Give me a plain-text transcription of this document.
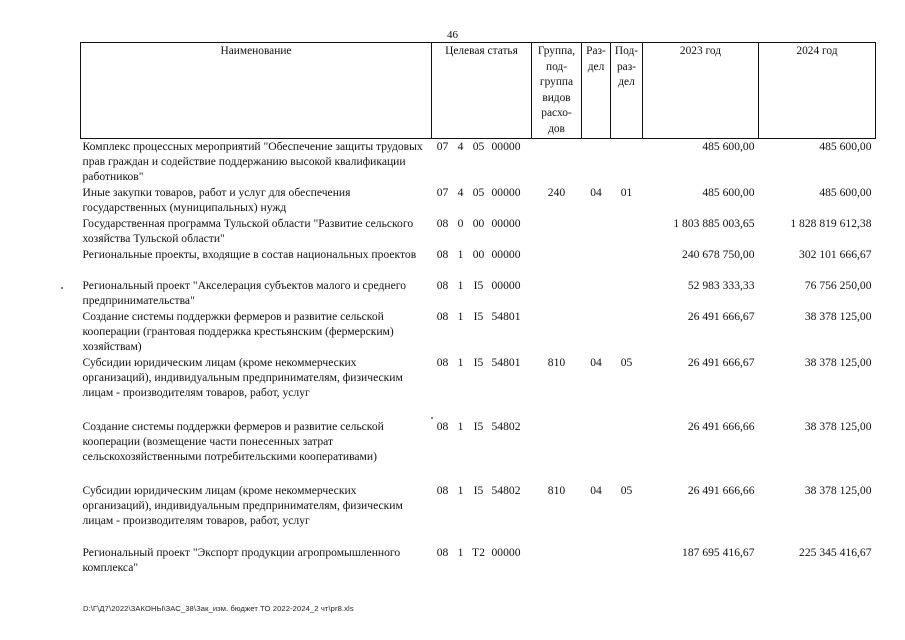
46
Наименование	Целевая статья				Группа, под-группа видов расхо-дов	Раз-дел	Под-раз-дел	2023 год	2024 год
Комплекс процессных мероприятий "Обеспечение защиты трудовых прав граждан и содействие поддержанию высокой квалификации работников"	07	4	05	00000				485 600,00	485 600,00
Иные закупки товаров, работ и услуг для обеспечения государственных (муниципальных) нужд	07	4	05	00000	240	04	01	485 600,00	485 600,00
Государственная программа Тульской области "Развитие сельского хозяйства Тульской области"	08	0	00	00000				1 803 885 003,65	1 828 819 612,38
Региональные проекты, входящие в состав национальных проектов	08	1	00	00000				240 678 750,00	302 101 666,67
Региональный проект "Акселерация субъектов малого и среднего предпринимательства"	08	1	I5	00000				52 983 333,33	76 756 250,00
Создание системы поддержки фермеров и развитие сельской кооперации (грантовая поддержка крестьянским (фермерским) хозяйствам)	08	1	I5	54801				26 491 666,67	38 378 125,00
Субсидии юридическим лицам (кроме некоммерческих организаций), индивидуальным предпринимателям, физическим лицам - производителям товаров, работ, услуг	08	1	I5	54801	810	04	05	26 491 666,67	38 378 125,00
Создание системы поддержки фермеров и развитие сельской кооперации (возмещение части понесенных затрат сельскохозяйственными потребительскими кооперативами)	08	1	I5	54802				26 491 666,66	38 378 125,00
Субсидии юридическим лицам (кроме некоммерческих организаций), индивидуальным предпринимателям, физическим лицам - производителям товаров, работ, услуг	08	1	I5	54802	810	04	05	26 491 666,66	38 378 125,00
Региональный проект "Экспорт продукции агропромышленного комплекса"	08	1	T2	00000				187 695 416,67	225 345 416,67
D:\Г\Д7\2022\ЗАКОНЫ\ЗАС_38\Зак_изм. бюджет ТО 2022-2024_2 чт\pr8.xls
